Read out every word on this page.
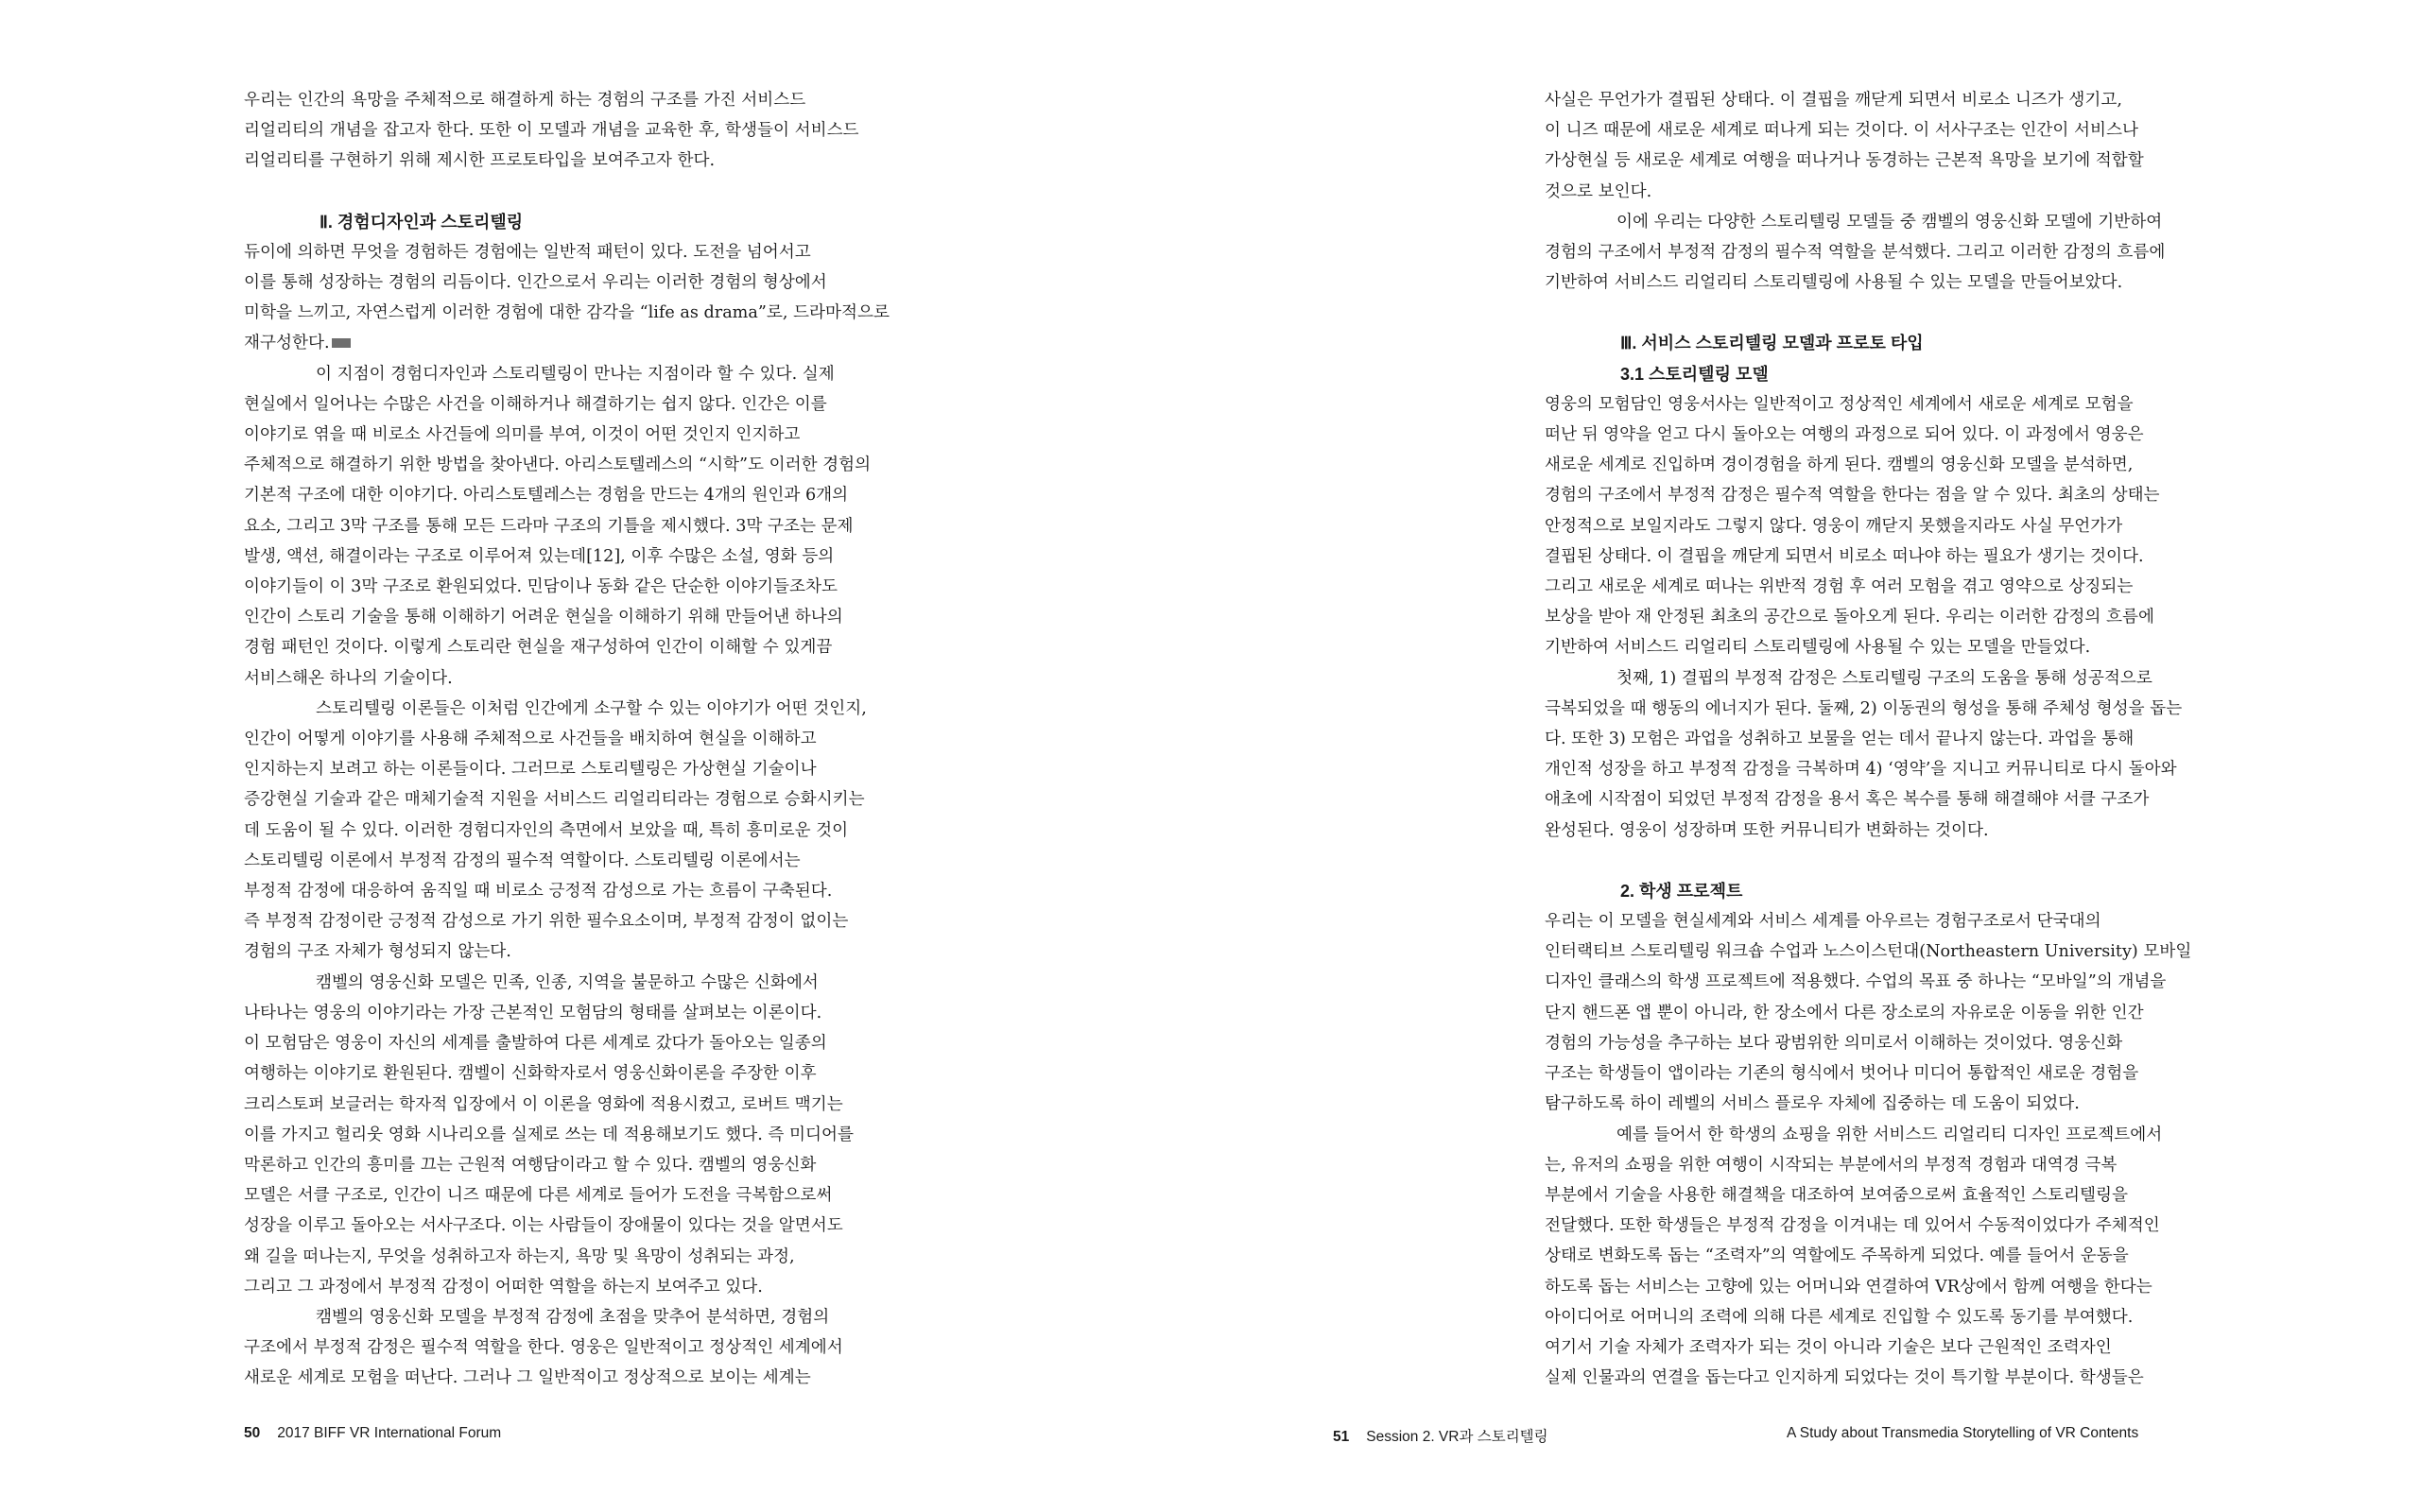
우리는 인간의 욕망을 주체적으로 해결하게 하는 경험의 구조를 가진 서비스드

리얼리티의 개념을 잡고자 한다. 또한 이 모델과 개념을 교육한 후, 학생들이 서비스드

리얼리티를 구현하기 위해 제시한 프로토타입을 보여주고자 한다.

Ⅱ. 경험디자인과 스토리텔링

듀이에 의하면 무엇을 경험하든 경험에는 일반적 패턴이 있다. 도전을 넘어서고

이를 통해 성장하는 경험의 리듬이다. 인간으로서 우리는 이러한 경험의 형상에서

미학을 느끼고, 자연스럽게 이러한 경험에 대한 감각을 “life as drama”로, 드라마적으로

재구성한다.

이 지점이 경험디자인과 스토리텔링이 만나는 지점이라 할 수 있다. 실제

현실에서 일어나는 수많은 사건을 이해하거나 해결하기는 쉽지 않다. 인간은 이를

이야기로 엮을 때 비로소 사건들에 의미를 부여, 이것이 어떤 것인지 인지하고

주체적으로 해결하기 위한 방법을 찾아낸다. 아리스토텔레스의 “시학”도 이러한 경험의

기본적 구조에 대한 이야기다. 아리스토텔레스는 경험을 만드는 4개의 원인과 6개의

요소, 그리고 3막 구조를 통해 모든 드라마 구조의 기틀을 제시했다. 3막 구조는 문제

발생, 액션, 해결이라는 구조로 이루어져 있는데[12], 이후 수많은 소설, 영화 등의

이야기들이 이 3막 구조로 환원되었다. 민담이나 동화 같은 단순한 이야기들조차도

인간이 스토리 기술을 통해 이해하기 어려운 현실을 이해하기 위해 만들어낸 하나의

경험 패턴인 것이다. 이렇게 스토리란 현실을 재구성하여 인간이 이해할 수 있게끔

서비스해온 하나의 기술이다.

스토리텔링 이론들은 이처럼 인간에게 소구할 수 있는 이야기가 어떤 것인지,

인간이 어떻게 이야기를 사용해 주체적으로 사건들을 배치하여 현실을 이해하고

인지하는지 보려고 하는 이론들이다. 그러므로 스토리텔링은 가상현실 기술이나

증강현실 기술과 같은 매체기술적 지원을 서비스드 리얼리티라는 경험으로 승화시키는

데 도움이 될 수 있다. 이러한 경험디자인의 측면에서 보았을 때, 특히 흥미로운 것이

스토리텔링 이론에서 부정적 감정의 필수적 역할이다. 스토리텔링 이론에서는

부정적 감정에 대응하여 움직일 때 비로소 긍정적 감성으로 가는 흐름이 구축된다.

즉 부정적 감정이란 긍정적 감성으로 가기 위한 필수요소이며, 부정적 감정이 없이는

경험의 구조 자체가 형성되지 않는다.

캠벨의 영웅신화 모델은 민족, 인종, 지역을 불문하고 수많은 신화에서

나타나는 영웅의 이야기라는 가장 근본적인 모험담의 형태를 살펴보는 이론이다.

이 모험담은 영웅이 자신의 세계를 출발하여 다른 세계로 갔다가 돌아오는 일종의

여행하는 이야기로 환원된다. 캠벨이 신화학자로서 영웅신화이론을 주장한 이후

크리스토퍼 보글러는 학자적 입장에서 이 이론을 영화에 적용시켰고, 로버트 맥기는

이를 가지고 헐리웃 영화 시나리오를 실제로 쓰는 데 적용해보기도 했다. 즉 미디어를

막론하고 인간의 흥미를 끄는 근원적 여행담이라고 할 수 있다. 캠벨의 영웅신화

모델은 서클 구조로, 인간이 니즈 때문에 다른 세계로 들어가 도전을 극복함으로써

성장을 이루고 돌아오는 서사구조다. 이는 사람들이 장애물이 있다는 것을 알면서도

왜 길을 떠나는지, 무엇을 성취하고자 하는지, 욕망 및 욕망이 성취되는 과정,

그리고 그 과정에서 부정적 감정이 어떠한 역할을 하는지 보여주고 있다.

캠벨의 영웅신화 모델을 부정적 감정에 초점을 맞추어 분석하면, 경험의

구조에서 부정적 감정은 필수적 역할을 한다. 영웅은 일반적이고 정상적인 세계에서

새로운 세계로 모험을 떠난다. 그러나 그 일반적이고 정상적으로 보이는 세계는

50 2017 BIFF VR International Forum

사실은 무언가가 결핍된 상태다. 이 결핍을 깨닫게 되면서 비로소 니즈가 생기고,

이 니즈 때문에 새로운 세계로 떠나게 되는 것이다. 이 서사구조는 인간이 서비스나

가상현실 등 새로운 세계로 여행을 떠나거나 동경하는 근본적 욕망을 보기에 적합할

것으로 보인다.

이에 우리는 다양한 스토리텔링 모델들 중 캠벨의 영웅신화 모델에 기반하여

경험의 구조에서 부정적 감정의 필수적 역할을 분석했다. 그리고 이러한 감정의 흐름에

기반하여 서비스드 리얼리티 스토리텔링에 사용될 수 있는 모델을 만들어보았다.

Ⅲ. 서비스 스토리텔링 모델과 프로토 타입
3.1 스토리텔링 모델

영웅의 모험담인 영웅서사는 일반적이고 정상적인 세계에서 새로운 세계로 모험을

떠난 뒤 영약을 얻고 다시 돌아오는 여행의 과정으로 되어 있다. 이 과정에서 영웅은

새로운 세계로 진입하며 경이경험을 하게 된다. 캠벨의 영웅신화 모델을 분석하면,

경험의 구조에서 부정적 감정은 필수적 역할을 한다는 점을 알 수 있다. 최초의 상태는

안정적으로 보일지라도 그렇지 않다. 영웅이 깨닫지 못했을지라도 사실 무언가가

결핍된 상태다. 이 결핍을 깨닫게 되면서 비로소 떠나야 하는 필요가 생기는 것이다.

그리고 새로운 세계로 떠나는 위반적 경험 후 여러 모험을 겪고 영약으로 상징되는

보상을 받아 재 안정된 최초의 공간으로 돌아오게 된다. 우리는 이러한 감정의 흐름에

기반하여 서비스드 리얼리티 스토리텔링에 사용될 수 있는 모델을 만들었다.

첫째, 1) 결핍의 부정적 감정은 스토리텔링 구조의 도움을 통해 성공적으로

극복되었을 때 행동의 에너지가 된다. 둘째, 2) 이동권의 형성을 통해 주체성 형성을 돕는

다. 또한 3) 모험은 과업을 성취하고 보물을 얻는 데서 끝나지 않는다. 과업을 통해

개인적 성장을 하고 부정적 감정을 극복하며 4) ‘영약’을 지니고 커뮤니티로 다시 돌아와

애초에 시작점이 되었던 부정적 감정을 용서 혹은 복수를 통해 해결해야 서클 구조가

완성된다. 영웅이 성장하며 또한 커뮤니티가 변화하는 것이다.

2. 학생 프로젝트

우리는 이 모델을 현실세계와 서비스 세계를 아우르는 경험구조로서 단국대의

인터랙티브 스토리텔링 워크숍 수업과 노스이스턴대(Northeastern University) 모바일

디자인 클래스의 학생 프로젝트에 적용했다. 수업의 목표 중 하나는 “모바일”의 개념을

단지 핸드폰 앱 뿐이 아니라, 한 장소에서 다른 장소로의 자유로운 이동을 위한 인간

경험의 가능성을 추구하는 보다 광범위한 의미로서 이해하는 것이었다. 영웅신화

구조는 학생들이 앱이라는 기존의 형식에서 벗어나 미디어 통합적인 새로운 경험을

탐구하도록 하이 레벨의 서비스 플로우 자체에 집중하는 데 도움이 되었다.

예를 들어서 한 학생의 쇼핑을 위한 서비스드 리얼리티 디자인 프로젝트에서

는, 유저의 쇼핑을 위한 여행이 시작되는 부분에서의 부정적 경험과 대역경 극복

부분에서 기술을 사용한 해결책을 대조하여 보여줌으로써 효율적인 스토리텔링을

전달했다. 또한 학생들은 부정적 감정을 이겨내는 데 있어서 수동적이었다가 주체적인

상태로 변화도록 돕는 “조력자”의 역할에도 주목하게 되었다. 예를 들어서 운동을

하도록 돕는 서비스는 고향에 있는 어머니와 연결하여 VR상에서 함께 여행을 한다는

아이디어로 어머니의 조력에 의해 다른 세계로 진입할 수 있도록 동기를 부여했다.

여기서 기술 자체가 조력자가 되는 것이 아니라 기술은 보다 근원적인 조력자인

실제 인물과의 연결을 돕는다고 인지하게 되었다는 것이 특기할 부분이다. 학생들은

51 Session 2. VR과 스토리텔링	A Study about Transmedia Storytelling of VR Contents
